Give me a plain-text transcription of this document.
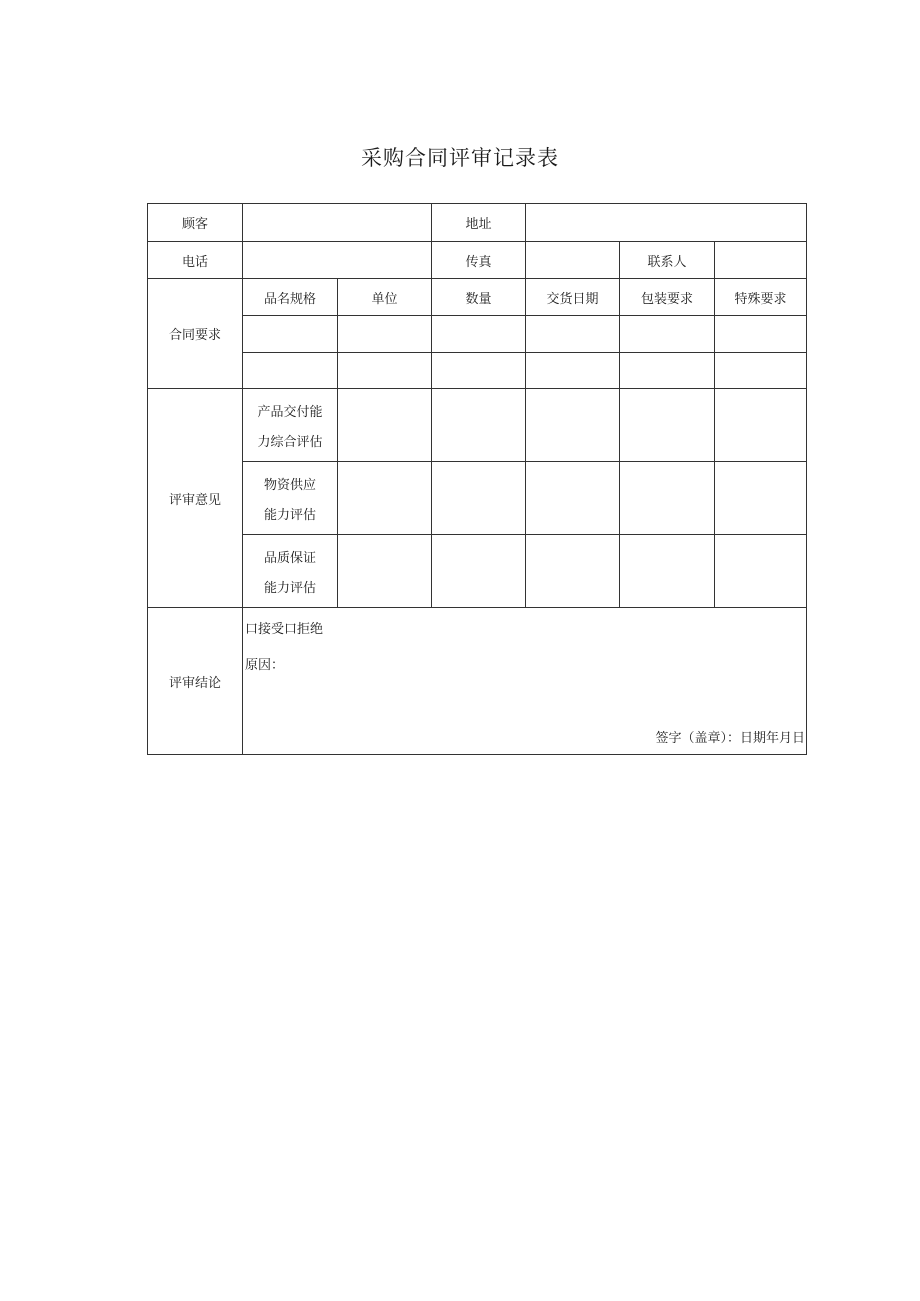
采购合同评审记录表
顾客	地址
电话	传真	联系人
合同要求
品名规格	单位	数量	交货日期	包装要求	特殊要求
评审意见
产品交付能
力综合评估
物资供应
能力评估
品质保证
能力评估
评审结论
口接受口拒绝
原因：
签字（盖章）：日期年月日
